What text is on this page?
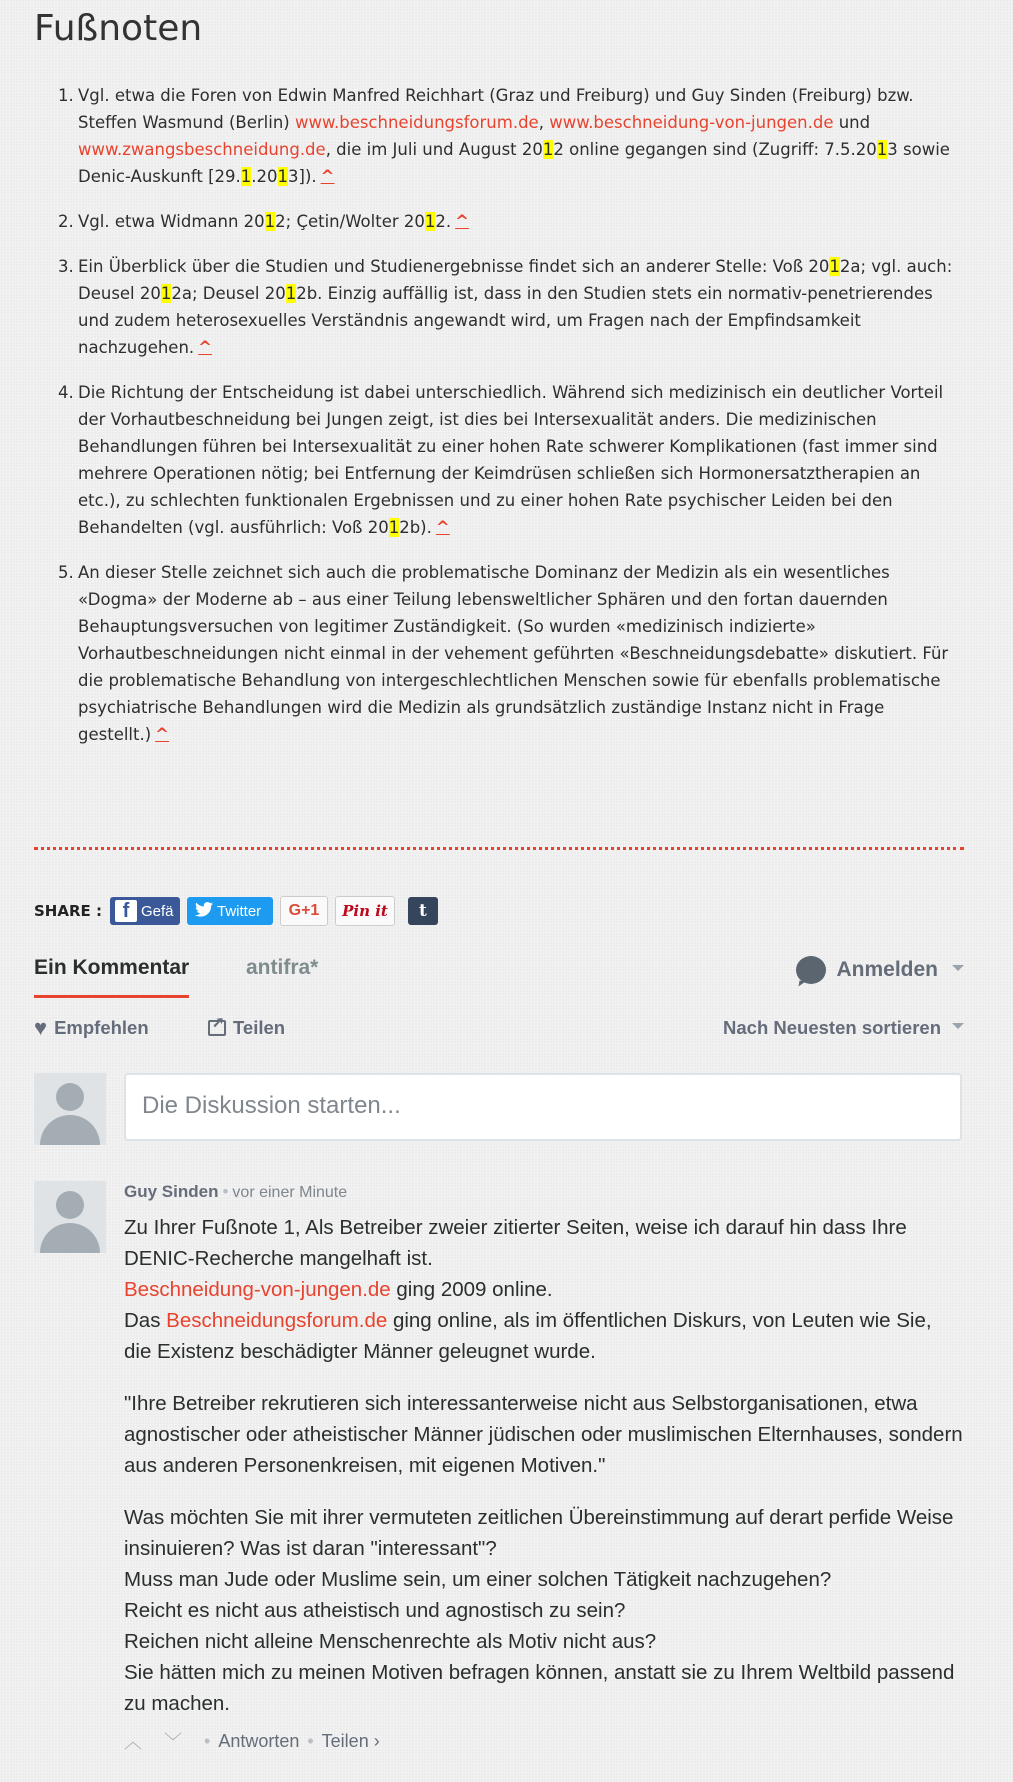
Fußnoten
1. Vgl. etwa die Foren von Edwin Manfred Reichhart (Graz und Freiburg) und Guy Sinden (Freiburg) bzw. Steffen Wasmund (Berlin) www.beschneidungsforum.de, www.beschneidung-von-jungen.de und www.zwangsbeschneidung.de, die im Juli und August 2012 online gegangen sind (Zugriff: 7.5.2013 sowie Denic-Auskunft [29.1.2013]). ^
2. Vgl. etwa Widmann 2012; Çetin/Wolter 2012. ^
3. Ein Überblick über die Studien und Studienergebnisse findet sich an anderer Stelle: Voß 2012a; vgl. auch: Deusel 2012a; Deusel 2012b. Einzig auffällig ist, dass in den Studien stets ein normativ-penetrierendes und zudem heterosexuelles Verständnis angewandt wird, um Fragen nach der Empfindsamkeit nachzugehen. ^
4. Die Richtung der Entscheidung ist dabei unterschiedlich. Während sich medizinisch ein deutlicher Vorteil der Vorhautbeschneidung bei Jungen zeigt, ist dies bei Intersexualität anders. Die medizinischen Behandlungen führen bei Intersexualität zu einer hohen Rate schwerer Komplikationen (fast immer sind mehrere Operationen nötig; bei Entfernung der Keimdrüsen schließen sich Hormonersatztherapien an etc.), zu schlechten funktionalen Ergebnissen und zu einer hohen Rate psychischer Leiden bei den Behandelten (vgl. ausführlich: Voß 2012b). ^
5. An dieser Stelle zeichnet sich auch die problematische Dominanz der Medizin als ein wesentliches «Dogma» der Moderne ab – aus einer Teilung lebensweltlicher Sphären und den fortan dauernden Behauptungsversuchen von legitimer Zuständigkeit. (So wurden «medizinisch indizierte» Vorhautbeschneidungen nicht einmal in der vehement geführten «Beschneidungsdebatte» diskutiert. Für die problematische Behandlung von intergeschlechtlichen Menschen sowie für ebenfalls problematische psychiatrische Behandlungen wird die Medizin als grundsätzlich zuständige Instanz nicht in Frage gestellt.) ^
SHARE :	f Gefä	Twitter	G+1	Pin it	t
Ein Kommentar	antifra*	Anmelden
♥ Empfehlen
➚	Teilen	Nach Neuesten sortieren
Die Diskussion starten...
Guy Sinden • vor einer Minute

Zu Ihrer Fußnote 1, Als Betreiber zweier zitierter Seiten, weise ich darauf hin dass Ihre DENIC-Recherche mangelhaft ist.
Beschneidung-von-jungen.de ging 2009 online.
Das Beschneidungsforum.de ging online, als im öffentlichen Diskurs, von Leuten wie Sie, die Existenz beschädigter Männer geleugnet wurde.

"Ihre Betreiber rekrutieren sich interessanterweise nicht aus Selbstorganisationen, etwa agnostischer oder atheistischer Männer jüdischen oder muslimischen Elternhauses, sondern aus anderen Personenkreisen, mit eigenen Motiven."

Was möchten Sie mit ihrer vermuteten zeitlichen Übereinstimmung auf derart perfide Weise insinuieren? Was ist daran "interessant"?
Muss man Jude oder Muslime sein, um einer solchen Tätigkeit nachzugehen?
Reicht es nicht aus atheistisch und agnostisch zu sein?
Reichen nicht alleine Menschenrechte als Motiv nicht aus?
Sie hätten mich zu meinen Motiven befragen können, anstatt sie zu Ihrem Weltbild passend zu machen.

︿ ﹀ • Antworten • Teilen ›
